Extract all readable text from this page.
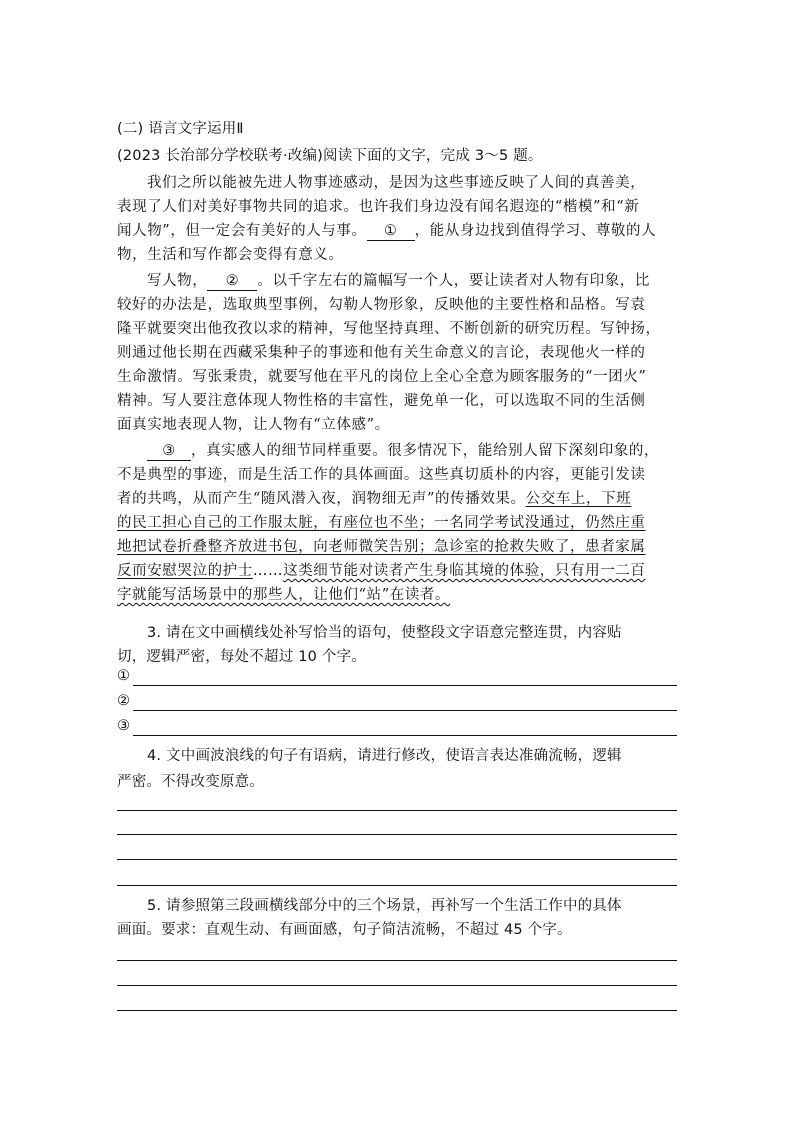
(二) 语言文字运用Ⅱ
(2023 长治部分学校联考·改编)阅读下面的文字，完成 3～5 题。
我们之所以能被先进人物事迹感动，是因为这些事迹反映了人间的真善美，
表现了人们对美好事物共同的追求。也许我们身边没有闻名遐迩的“楷模”和“新
闻人物”，但一定会有美好的人与事。 ① ，能从身边找到值得学习、尊敬的人
物，生活和写作都会变得有意义。
写人物， ② 。以千字左右的篇幅写一个人，要让读者对人物有印象，比
较好的办法是，选取典型事例，勾勒人物形象，反映他的主要性格和品格。写袁
隆平就要突出他孜孜以求的精神，写他坚持真理、不断创新的研究历程。写钟扬，
则通过他长期在西藏采集种子的事迹和他有关生命意义的言论，表现他火一样的
生命激情。写张秉贵，就要写他在平凡的岗位上全心全意为顾客服务的“一团火”
精神。写人要注意体现人物性格的丰富性，避免单一化，可以选取不同的生活侧
面真实地表现人物，让人物有“立体感”。
③ ，真实感人的细节同样重要。很多情况下，能给别人留下深刻印象的，
不是典型的事迹，而是生活工作的具体画面。这些真切质朴的内容，更能引发读
者的共鸣，从而产生“随风潜入夜，润物细无声”的传播效果。公交车上，下班
的民工担心自己的工作服太脏，有座位也不坐；一名同学考试没通过，仍然庄重
地把试卷折叠整齐放进书包，向老师微笑告别；急诊室的抢救失败了，患者家属
反而安慰哭泣的护士……这类细节能对读者产生身临其境的体验，只有用一二百
字就能写活场景中的那些人，让他们“站”在读者。
3. 请在文中画横线处补写恰当的语句，使整段文字语意完整连贯，内容贴
切，逻辑严密，每处不超过 10 个字。
①
②
③
4. 文中画波浪线的句子有语病，请进行修改，使语言表达准确流畅，逻辑
严密。不得改变原意。
5. 请参照第三段画横线部分中的三个场景，再补写一个生活工作中的具体
画面。要求：直观生动、有画面感，句子简洁流畅，不超过 45 个字。
